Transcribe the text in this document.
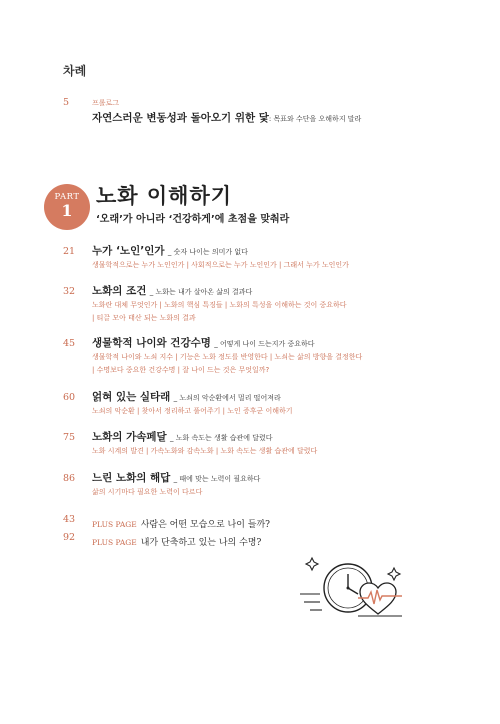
차례
5	프롤로그
자연스러운 변동성과 돌아오기 위한 닻: 목표와 수단을 오해하지 말라
PART
1
노화 이해하기
‘오래’가 아니라 ‘건강하게’에 초점을 맞춰라
21 누가 ‘노인’인가 _ 숫자 나이는 의미가 없다
생물학적으로는 누가 노인인가 | 사회적으로는 누가 노인인가 | 그래서 누가 노인인가
32 노화의 조건 _ 노화는 내가 살아온 삶의 결과다
노화란 대체 무엇인가 | 노화의 핵심 특징들 | 노화의 특성을 이해하는 것이 중요하다
| 티끌 모아 태산 되는 노화의 결과
45 생물학적 나이와 건강수명 _ 어떻게 나이 드는지가 중요하다
생물학적 나이와 노쇠 지수 | 기능은 노화 정도를 반영한다 | 노쇠는 삶의 방향을 결정한다
| 수명보다 중요한 건강수명 | 잘 나이 드는 것은 무엇일까?
60 얽혀 있는 실타래 _ 노쇠의 악순환에서 멀리 떨어져라
노쇠의 악순환 | 찾아서 정리하고 풀어주기 | 노인 증후군 이해하기
75 노화의 가속페달 _ 노화 속도는 생활 습관에 달렸다
노화 시계의 발견 | 가속노화와 감속노화 | 노화 속도는 생활 습관에 달렸다
86 느린 노화의 해답 _ 때에 맞는 노력이 필요하다
삶의 시기마다 필요한 노력이 다르다
43 PLUS PAGE 사람은 어떤 모습으로 나이 들까?
92 PLUS PAGE 내가 단축하고 있는 나의 수명?
